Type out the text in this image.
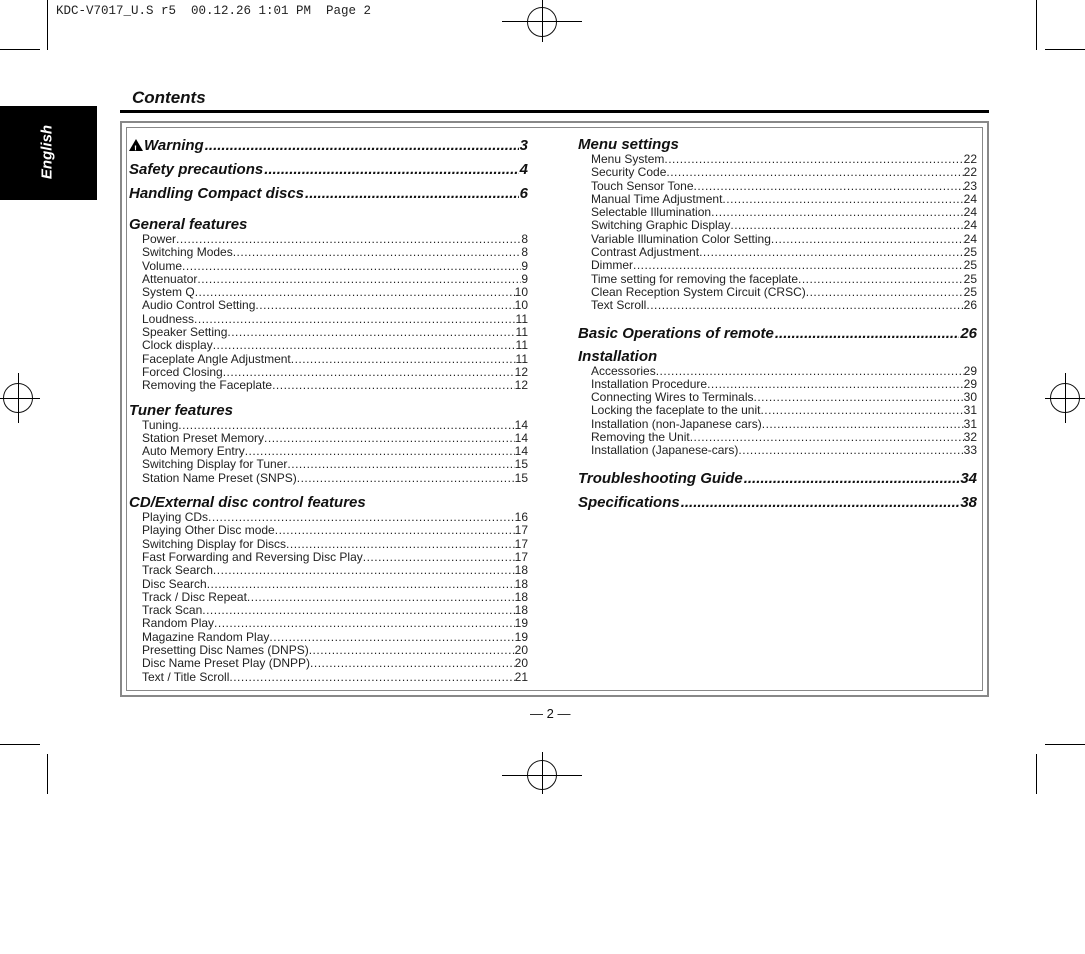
KDC-V7017_U.S r5  00.12.26 1:01 PM  Page 2
English
Contents
!
Warning .....	3
Safety precautions .....	4
Handling Compact discs .....	6
General features
Power .....	8
Switching Modes .....	8
Volume .....	9
Attenuator .....	9
System Q .....	10
Audio Control Setting .....	10
Loudness .....	11
Speaker Setting .....	11
Clock display .....	11
Faceplate Angle Adjustment .....	11
Forced Closing .....	12
Removing the Faceplate .....	12
Tuner features
Tuning .....	14
Station Preset Memory .....	14
Auto Memory Entry .....	14
Switching Display for Tuner .....	15
Station Name Preset (SNPS) .....	15
CD/External disc control features
Playing CDs .....	16
Playing Other Disc mode .....	17
Switching Display for Discs .....	17
Fast Forwarding and Reversing Disc Play .....	17
Track Search .....	18
Disc Search .....	18
Track / Disc Repeat .....	18
Track Scan .....	18
Random Play .....	19
Magazine Random Play .....	19
Presetting Disc Names (DNPS) .....	20
Disc Name Preset Play (DNPP) .....	20
Text / Title Scroll .....	21
Menu settings
Menu System .....	22
Security Code .....	22
Touch Sensor Tone .....	23
Manual Time Adjustment .....	24
Selectable Illumination .....	24
Switching Graphic Display .....	24
Variable Illumination Color Setting .....	24
Contrast Adjustment .....	25
Dimmer .....	25
Time setting for removing the faceplate .....	25
Clean Reception System Circuit (CRSC) .....	25
Text Scroll .....	26
Basic Operations of remote .....	26
Installation
Accessories .....	29
Installation Procedure .....	29
Connecting Wires to Terminals .....	30
Locking the faceplate to the unit .....	31
Installation (non-Japanese cars) .....	31
Removing the Unit .....	32
Installation (Japanese-cars) .....	33
Troubleshooting Guide .....	34
Specifications .....	38
— 2 —
